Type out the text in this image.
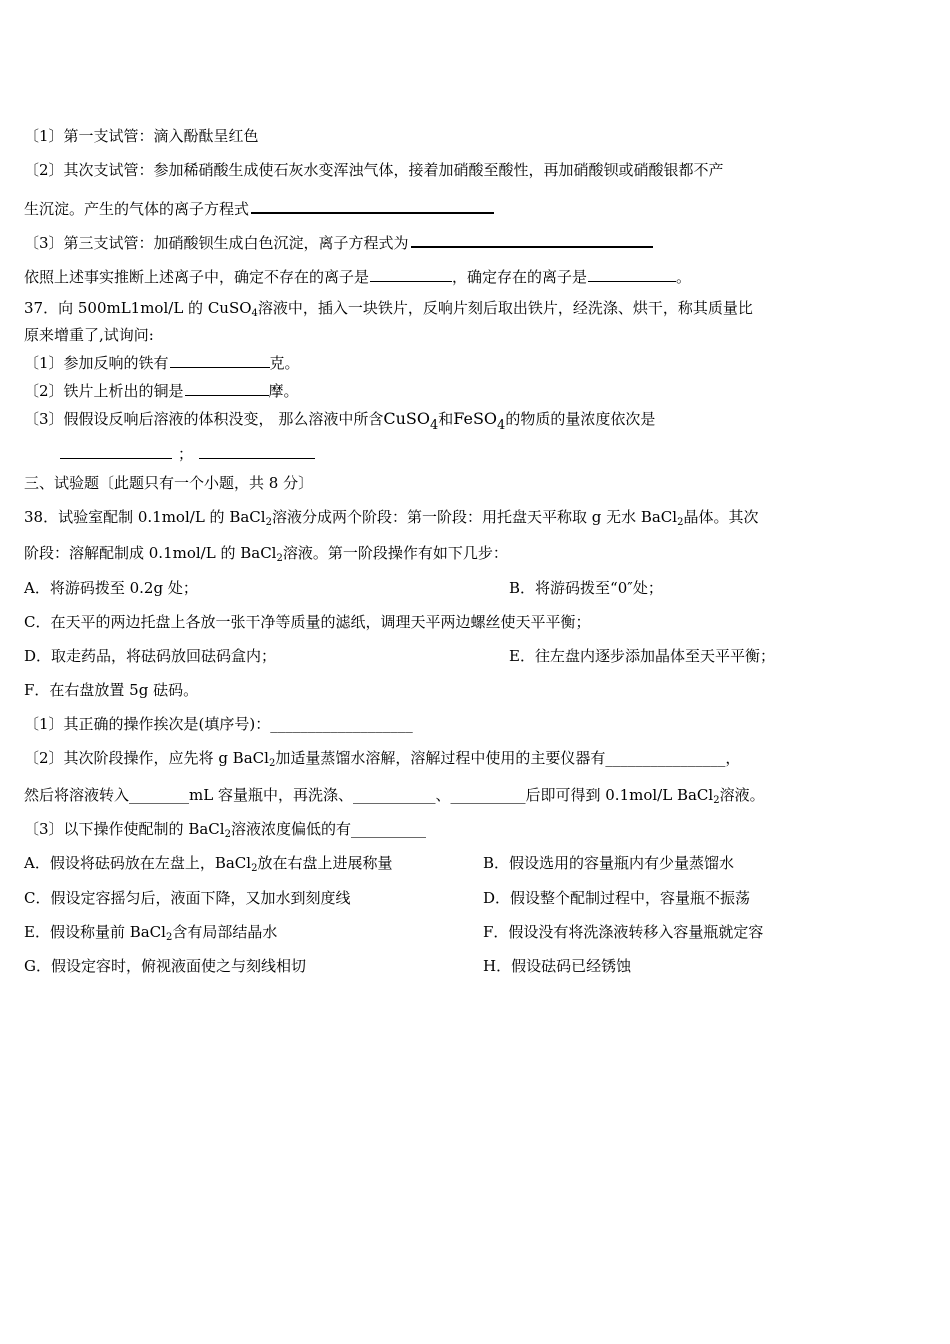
〔1〕第一支试管：滴入酚酞呈红色
〔2〕其次支试管：参加稀硝酸生成使石灰水变浑浊气体，接着加硝酸至酸性，再加硝酸钡或硝酸银都不产
生沉淀。产生的气体的离子方程式
〔3〕第三支试管：加硝酸钡生成白色沉淀，离子方程式为
依照上述事实推断上述离子中，确定不存在的离子是	，确定存在的离子是	。
37．向 500mL1mol/L 的 CuSO$_4$溶液中，插入一块铁片，反响片刻后取出铁片，经洗涤、烘干，称其质量比
原来增重了,试询问:
〔1〕参加反响的铁有	克。
〔2〕铁片上析出的铜是	摩。
〔3〕假假设反响后溶液的体积没变， 那么溶液中所含CuSO$_4$和FeSO$_4$的物质的量浓度依次是
；
三、试验题〔此题只有一个小题，共 8 分〕
38．试验室配制 0.1mol/L 的 BaCl$_2$溶液分成两个阶段：第一阶段：用托盘天平称取 g 无水 BaCl$_2$晶体。其次
阶段：溶解配制成 0.1mol/L 的 BaCl$_2$溶液。第一阶段操作有如下几步：
A．将游码拨至 0.2g 处；	B．将游码拨至“0″处；
C．在天平的两边托盘上各放一张干净等质量的滤纸，调理天平两边螺丝使天平平衡；
D．取走药品，将砝码放回砝码盒内；	E．往左盘内逐步添加晶体至天平平衡；
F．在右盘放置 5g 砝码。
〔1〕其正确的操作挨次是(填序号)：___________________
〔2〕其次阶段操作，应先将 g BaCl$_2$加适量蒸馏水溶解，溶解过程中使用的主要仪器有________________，
然后将溶液转入________mL 容量瓶中，再洗涤、___________、__________后即可得到 0.1mol/L BaCl$_2$溶液。
〔3〕以下操作使配制的 BaCl$_2$溶液浓度偏低的有__________
A．假设将砝码放在左盘上，BaCl$_2$放在右盘上进展称量	B．假设选用的容量瓶内有少量蒸馏水
C．假设定容摇匀后，液面下降，又加水到刻度线	D．假设整个配制过程中，容量瓶不振荡
E．假设称量前 BaCl$_2$含有局部结晶水	F．假设没有将洗涤液转移入容量瓶就定容
G．假设定容时，俯视液面使之与刻线相切	H．假设砝码已经锈蚀
